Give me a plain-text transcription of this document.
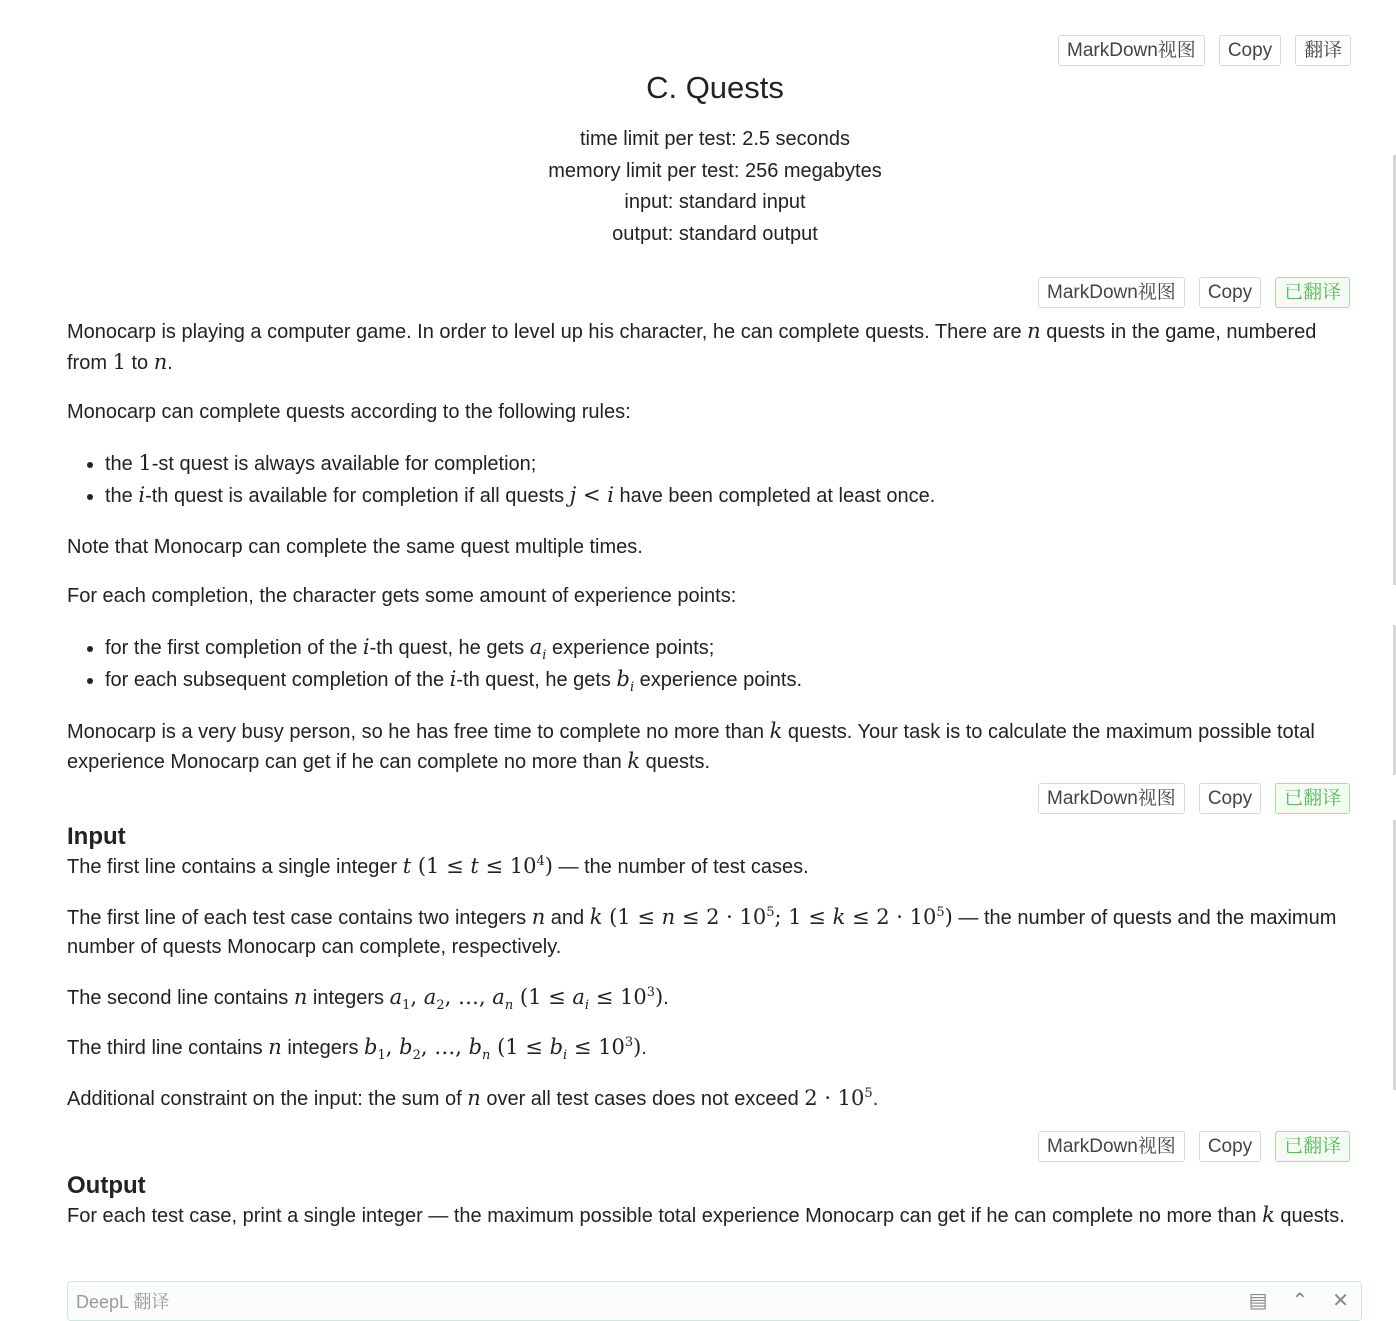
MarkDown视图	Copy	翻译
C. Quests
time limit per test: 2.5 seconds
memory limit per test: 256 megabytes
input: standard input
output: standard output
MarkDown视图	Copy	已翻译

Monocarp is playing a computer game. In order to level up his character, he can complete quests. There are n quests in the game, numbered from 1 to n.

Monocarp can complete quests according to the following rules:

• the 1-st quest is always available for completion;
• the i-th quest is available for completion if all quests j < i have been completed at least once.

Note that Monocarp can complete the same quest multiple times.

For each completion, the character gets some amount of experience points:

• for the first completion of the i-th quest, he gets $a_i$ experience points;
• for each subsequent completion of the i-th quest, he gets $b_i$ experience points.

Monocarp is a very busy person, so he has free time to complete no more than k quests. Your task is to calculate the maximum possible total experience Monocarp can get if he can complete no more than k quests.

MarkDown视图	Copy	已翻译
Input

The first line contains a single integer t $(1 \le t \le 10^4)$ — the number of test cases.

The first line of each test case contains two integers n and k ($1 \le n \le 2 \cdot 10^5$; $1 \le k \le 2 \cdot 10^5$) — the number of quests and the maximum number of quests Monocarp can complete, respectively.

The second line contains n integers $a_1$, $a_2$, …, $a_n$ $(1 \le a_i \le 10^3)$.

The third line contains n integers $b_1$, $b_2$, …, $b_n$ $(1 \le b_i \le 10^3)$.

Additional constraint on the input: the sum of n over all test cases does not exceed $2 \cdot 10^5$.

MarkDown视图	Copy	已翻译
Output

For each test case, print a single integer — the maximum possible total experience Monocarp can get if he can complete no more than k quests.

DeepL 翻译	▤ ⌃ ✕
